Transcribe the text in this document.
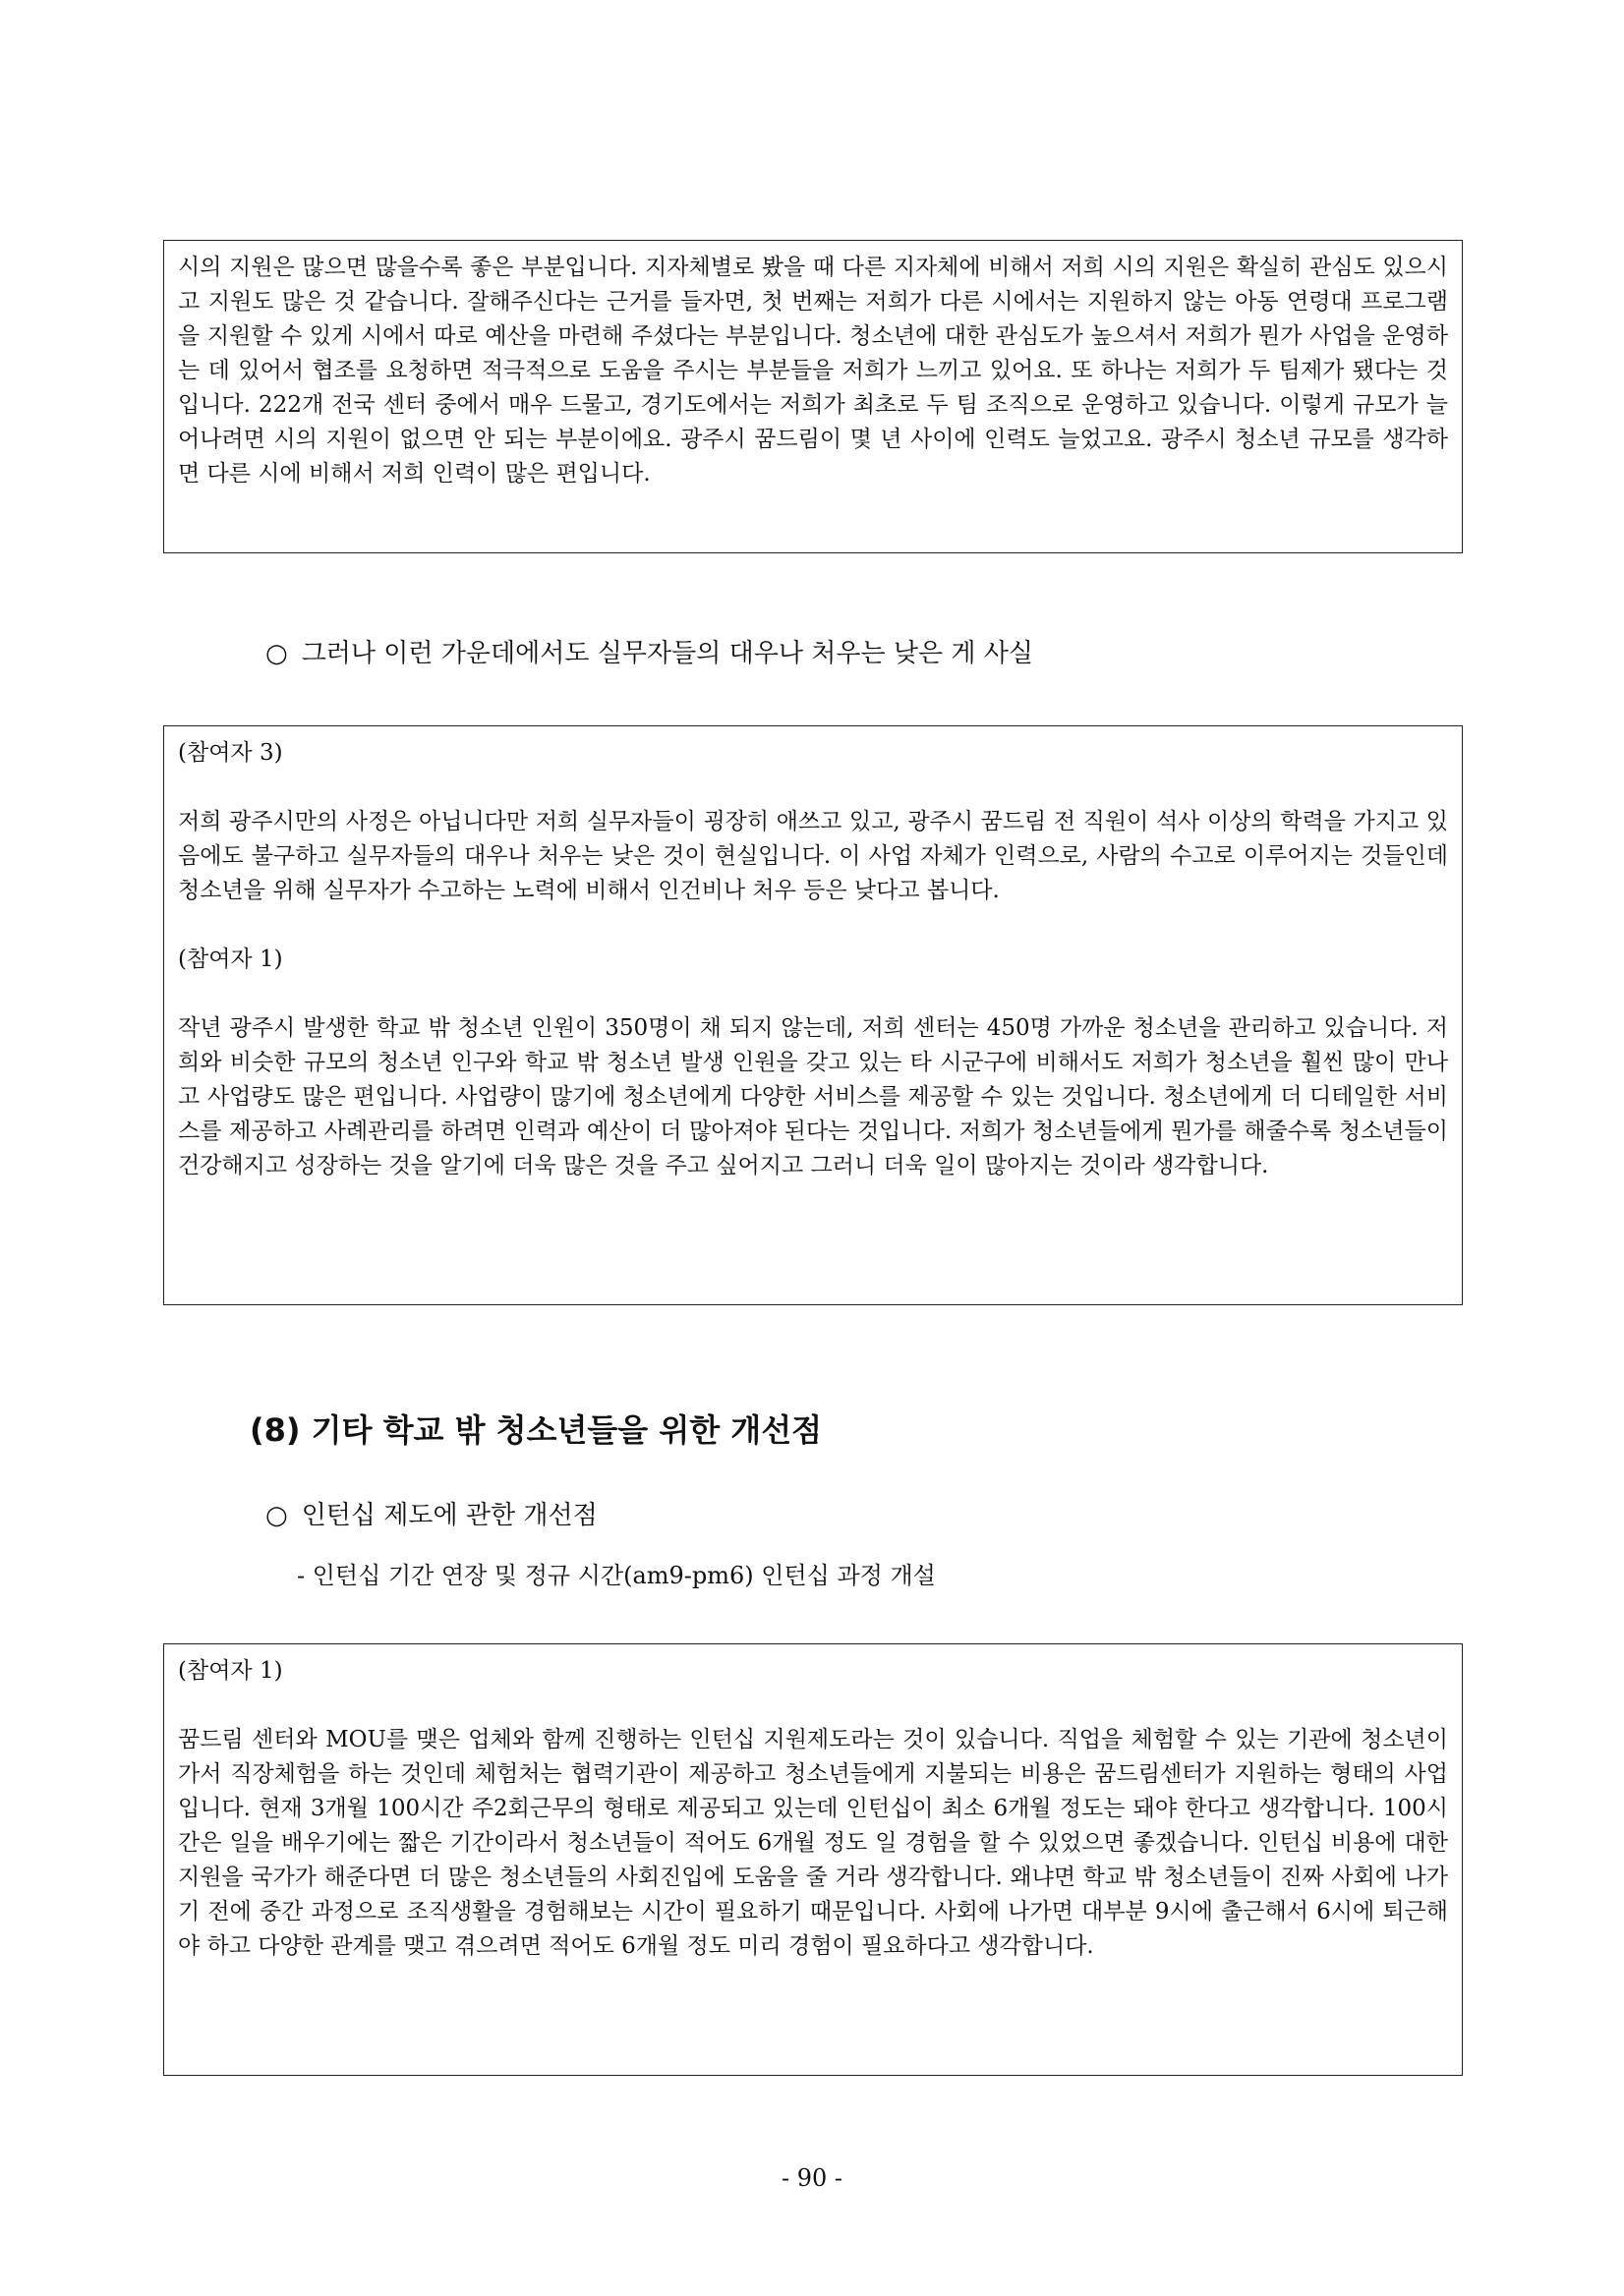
시의 지원은 많으면 많을수록 좋은 부분입니다. 지자체별로 봤을 때 다른 지자체에 비해서 저희 시의 지원은 확실히 관심도 있으시고 지원도 많은 것 같습니다. 잘해주신다는 근거를 들자면, 첫 번째는 저희가 다른 시에서는 지원하지 않는 아동 연령대 프로그램을 지원할 수 있게 시에서 따로 예산을 마련해 주셨다는 부분입니다. 청소년에 대한 관심도가 높으셔서 저희가 뭔가 사업을 운영하는 데 있어서 협조를 요청하면 적극적으로 도움을 주시는 부분들을 저희가 느끼고 있어요. 또 하나는 저희가 두 팀제가 됐다는 것입니다. 222개 전국 센터 중에서 매우 드물고, 경기도에서는 저희가 최초로 두 팀 조직으로 운영하고 있습니다. 이렇게 규모가 늘어나려면 시의 지원이 없으면 안 되는 부분이에요. 광주시 꿈드림이 몇 년 사이에 인력도 늘었고요. 광주시 청소년 규모를 생각하면 다른 시에 비해서 저희 인력이 많은 편입니다.

○ 그러나 이런 가운데에서도 실무자들의 대우나 처우는 낮은 게 사실

(참여자 3)

저희 광주시만의 사정은 아닙니다만 저희 실무자들이 굉장히 애쓰고 있고, 광주시 꿈드림 전 직원이 석사 이상의 학력을 가지고 있음에도 불구하고 실무자들의 대우나 처우는 낮은 것이 현실입니다. 이 사업 자체가 인력으로, 사람의 수고로 이루어지는 것들인데 청소년을 위해 실무자가 수고하는 노력에 비해서 인건비나 처우 등은 낮다고 봅니다.

(참여자 1)

작년 광주시 발생한 학교 밖 청소년 인원이 350명이 채 되지 않는데, 저희 센터는 450명 가까운 청소년을 관리하고 있습니다. 저희와 비슷한 규모의 청소년 인구와 학교 밖 청소년 발생 인원을 갖고 있는 타 시군구에 비해서도 저희가 청소년을 훨씬 많이 만나고 사업량도 많은 편입니다. 사업량이 많기에 청소년에게 다양한 서비스를 제공할 수 있는 것입니다. 청소년에게 더 디테일한 서비스를 제공하고 사례관리를 하려면 인력과 예산이 더 많아져야 된다는 것입니다. 저희가 청소년들에게 뭔가를 해줄수록 청소년들이 건강해지고 성장하는 것을 알기에 더욱 많은 것을 주고 싶어지고 그러니 더욱 일이 많아지는 것이라 생각합니다.

(8) 기타 학교 밖 청소년들을 위한 개선점
○ 인턴십 제도에 관한 개선점
- 인턴십 기간 연장 및 정규 시간(am9-pm6) 인턴십 과정 개설

(참여자 1)

꿈드림 센터와 MOU를 맺은 업체와 함께 진행하는 인턴십 지원제도라는 것이 있습니다. 직업을 체험할 수 있는 기관에 청소년이 가서 직장체험을 하는 것인데 체험처는 협력기관이 제공하고 청소년들에게 지불되는 비용은 꿈드림센터가 지원하는 형태의 사업입니다. 현재 3개월 100시간 주2회근무의 형태로 제공되고 있는데 인턴십이 최소 6개월 정도는 돼야 한다고 생각합니다. 100시간은 일을 배우기에는 짧은 기간이라서 청소년들이 적어도 6개월 정도 일 경험을 할 수 있었으면 좋겠습니다. 인턴십 비용에 대한 지원을 국가가 해준다면 더 많은 청소년들의 사회진입에 도움을 줄 거라 생각합니다. 왜냐면 학교 밖 청소년들이 진짜 사회에 나가기 전에 중간 과정으로 조직생활을 경험해보는 시간이 필요하기 때문입니다. 사회에 나가면 대부분 9시에 출근해서 6시에 퇴근해야 하고 다양한 관계를 맺고 겪으려면 적어도 6개월 정도 미리 경험이 필요하다고 생각합니다.

- 90 -
